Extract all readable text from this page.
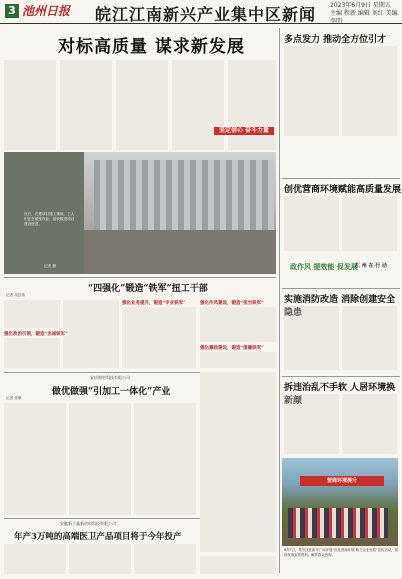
3 池州日报 皖江江南新兴产业集中区新闻 2023年6月9日 星期五
主编 程新 编辑 刘红 美编 李明
对标高质量 谋求新发展
近日，在建项目施工现场，工人们正在紧张作业，加快推进项目建设进度。
记者 摄
多点发力 推动全方位引才
坚定信心 奋斗力量
创优营商环境赋能高质量发展
政作风 提效能 促发展
汇 州 在 行 动
实施消防改造 消除创建安全隐患
拆违治乱不手软 人居环境换新颜
营商环境提升
6月7日，集中区在新华广场开展“优化营商环境 助力企业发展”宣传活动，现场发放宣传资料，解答群众咨询。
“四强化”锻造“铁军”扭工干部
记者 吴佳伟
强化政治引领，锻造“忠诚铁军”
强化业务提升，锻造“专业铁军”	强化作风建设，锻造“担当铁军”
强化廉政建设，锻造“清廉铁军”
安庆钢材科技有限公司：
做优做强“引加工一体化”产业
记者 张敏
安徽新子鑫新材料科技有限公司：
年产3万吨的高端医卫产品项目将于今年投产
